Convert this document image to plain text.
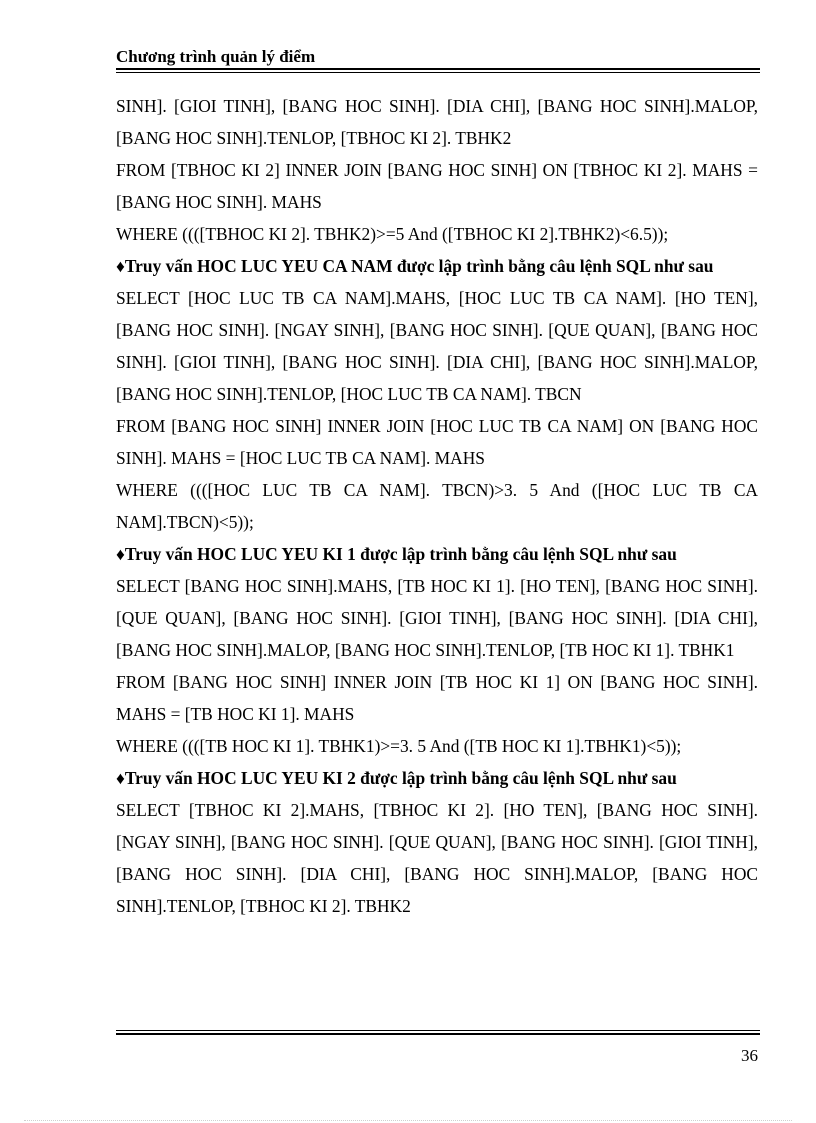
Chương trình quản lý điểm

SINH]. [GIOI TINH], [BANG HOC SINH]. [DIA CHI], [BANG HOC SINH].MALOP, [BANG HOC SINH].TENLOP, [TBHOC KI 2]. TBHK2

FROM [TBHOC KI 2] INNER JOIN [BANG HOC SINH] ON [TBHOC KI 2]. MAHS = [BANG HOC SINH]. MAHS

WHERE ((([TBHOC KI 2]. TBHK2)>=5 And ([TBHOC KI 2].TBHK2)<6.5));

♦Truy vấn HOC LUC YEU CA NAM được lập trình bằng câu lệnh SQL như sau

SELECT [HOC LUC TB CA NAM].MAHS, [HOC LUC TB CA NAM]. [HO TEN], [BANG HOC SINH]. [NGAY SINH], [BANG HOC SINH]. [QUE QUAN], [BANG HOC SINH]. [GIOI TINH], [BANG HOC SINH]. [DIA CHI], [BANG HOC SINH].MALOP, [BANG HOC SINH].TENLOP, [HOC LUC TB CA NAM]. TBCN

FROM [BANG HOC SINH] INNER JOIN [HOC LUC TB CA NAM] ON [BANG HOC SINH]. MAHS = [HOC LUC TB CA NAM]. MAHS

WHERE ((([HOC LUC TB CA NAM]. TBCN)>3. 5 And ([HOC LUC TB CA NAM].TBCN)<5));

♦Truy vấn HOC LUC YEU KI 1 được lập trình bằng câu lệnh SQL như sau

SELECT [BANG HOC SINH].MAHS, [TB HOC KI 1]. [HO TEN], [BANG HOC SINH]. [QUE QUAN], [BANG HOC SINH]. [GIOI TINH], [BANG HOC SINH]. [DIA CHI], [BANG HOC SINH].MALOP, [BANG HOC SINH].TENLOP, [TB HOC KI 1]. TBHK1

FROM [BANG HOC SINH] INNER JOIN [TB HOC KI 1] ON [BANG HOC SINH]. MAHS = [TB HOC KI 1]. MAHS

WHERE ((([TB HOC KI 1]. TBHK1)>=3. 5 And ([TB HOC KI 1].TBHK1)<5));

♦Truy vấn HOC LUC YEU KI 2 được lập trình bằng câu lệnh SQL như sau

SELECT [TBHOC KI 2].MAHS, [TBHOC KI 2]. [HO TEN], [BANG HOC SINH]. [NGAY SINH], [BANG HOC SINH]. [QUE QUAN], [BANG HOC SINH]. [GIOI TINH], [BANG HOC SINH]. [DIA CHI], [BANG HOC SINH].MALOP, [BANG HOC SINH].TENLOP, [TBHOC KI 2]. TBHK2

36
